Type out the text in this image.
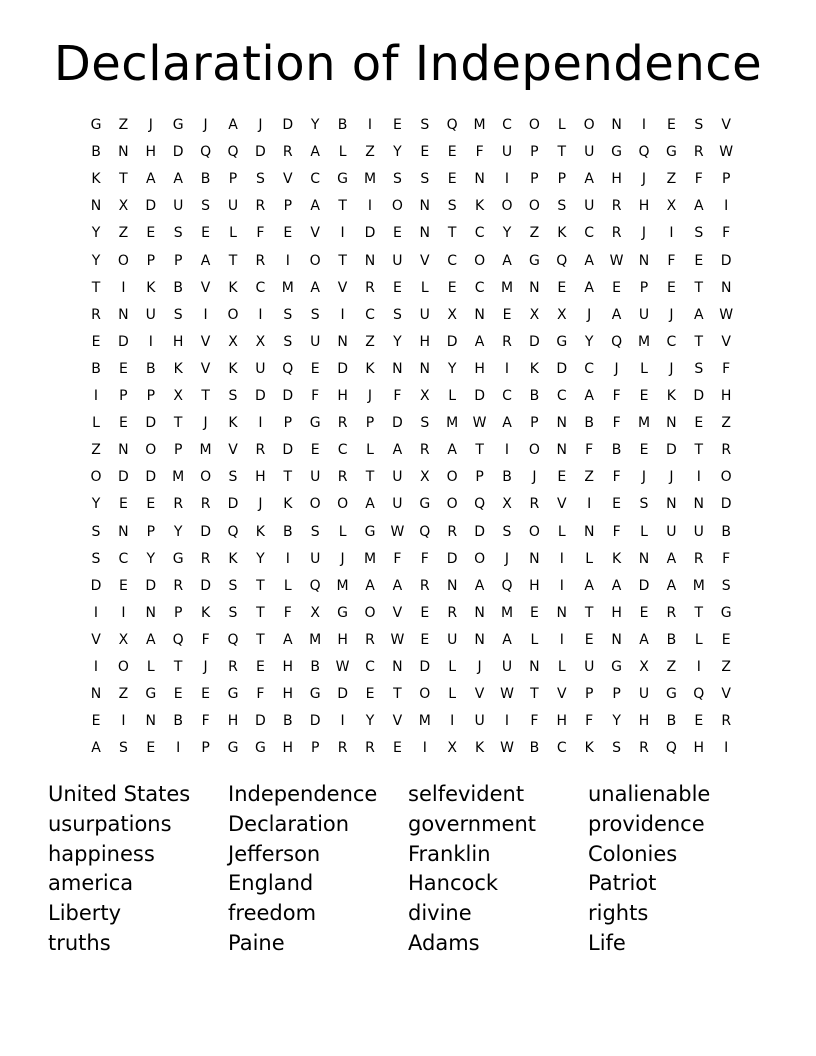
Declaration of Independence
G	Z	J	G	J	A	J	D	Y	B	I	E	S	Q	M	C	O	L	O	N	I	E	S	V
B	N	H	D	Q	Q	D	R	A	L	Z	Y	E	E	F	U	P	T	U	G	Q	G	R	W
K	T	A	A	B	P	S	V	C	G	M	S	S	E	N	I	P	P	A	H	J	Z	F	P
N	X	D	U	S	U	R	P	A	T	I	O	N	S	K	O	O	S	U	R	H	X	A	I
Y	Z	E	S	E	L	F	E	V	I	D	E	N	T	C	Y	Z	K	C	R	J	I	S	F
Y	O	P	P	A	T	R	I	O	T	N	U	V	C	O	A	G	Q	A	W	N	F	E	D
T	I	K	B	V	K	C	M	A	V	R	E	L	E	C	M	N	E	A	E	P	E	T	N
R	N	U	S	I	O	I	S	S	I	C	S	U	X	N	E	X	X	J	A	U	J	A	W
E	D	I	H	V	X	X	S	U	N	Z	Y	H	D	A	R	D	G	Y	Q	M	C	T	V
B	E	B	K	V	K	U	Q	E	D	K	N	N	Y	H	I	K	D	C	J	L	J	S	F
I	P	P	X	T	S	D	D	F	H	J	F	X	L	D	C	B	C	A	F	E	K	D	H
L	E	D	T	J	K	I	P	G	R	P	D	S	M	W	A	P	N	B	F	M	N	E	Z
Z	N	O	P	M	V	R	D	E	C	L	A	R	A	T	I	O	N	F	B	E	D	T	R
O	D	D	M	O	S	H	T	U	R	T	U	X	O	P	B	J	E	Z	F	J	J	I	O
Y	E	E	R	R	D	J	K	O	O	A	U	G	O	Q	X	R	V	I	E	S	N	N	D
S	N	P	Y	D	Q	K	B	S	L	G	W	Q	R	D	S	O	L	N	F	L	U	U	B
S	C	Y	G	R	K	Y	I	U	J	M	F	F	D	O	J	N	I	L	K	N	A	R	F
D	E	D	R	D	S	T	L	Q	M	A	A	R	N	A	Q	H	I	A	A	D	A	M	S
I	I	N	P	K	S	T	F	X	G	O	V	E	R	N	M	E	N	T	H	E	R	T	G
V	X	A	Q	F	Q	T	A	M	H	R	W	E	U	N	A	L	I	E	N	A	B	L	E
I	O	L	T	J	R	E	H	B	W	C	N	D	L	J	U	N	L	U	G	X	Z	I	Z
N	Z	G	E	E	G	F	H	G	D	E	T	O	L	V	W	T	V	P	P	U	G	Q	V
E	I	N	B	F	H	D	B	D	I	Y	V	M	I	U	I	F	H	F	Y	H	B	E	R
A	S	E	I	P	G	G	H	P	R	R	E	I	X	K	W	B	C	K	S	R	Q	H	I
United States
usurpations
happiness
america
Liberty
truths
Independence
Declaration
Jefferson
England
freedom
Paine
selfevident
government
Franklin
Hancock
divine
Adams
unalienable
providence
Colonies
Patriot
rights
Life
